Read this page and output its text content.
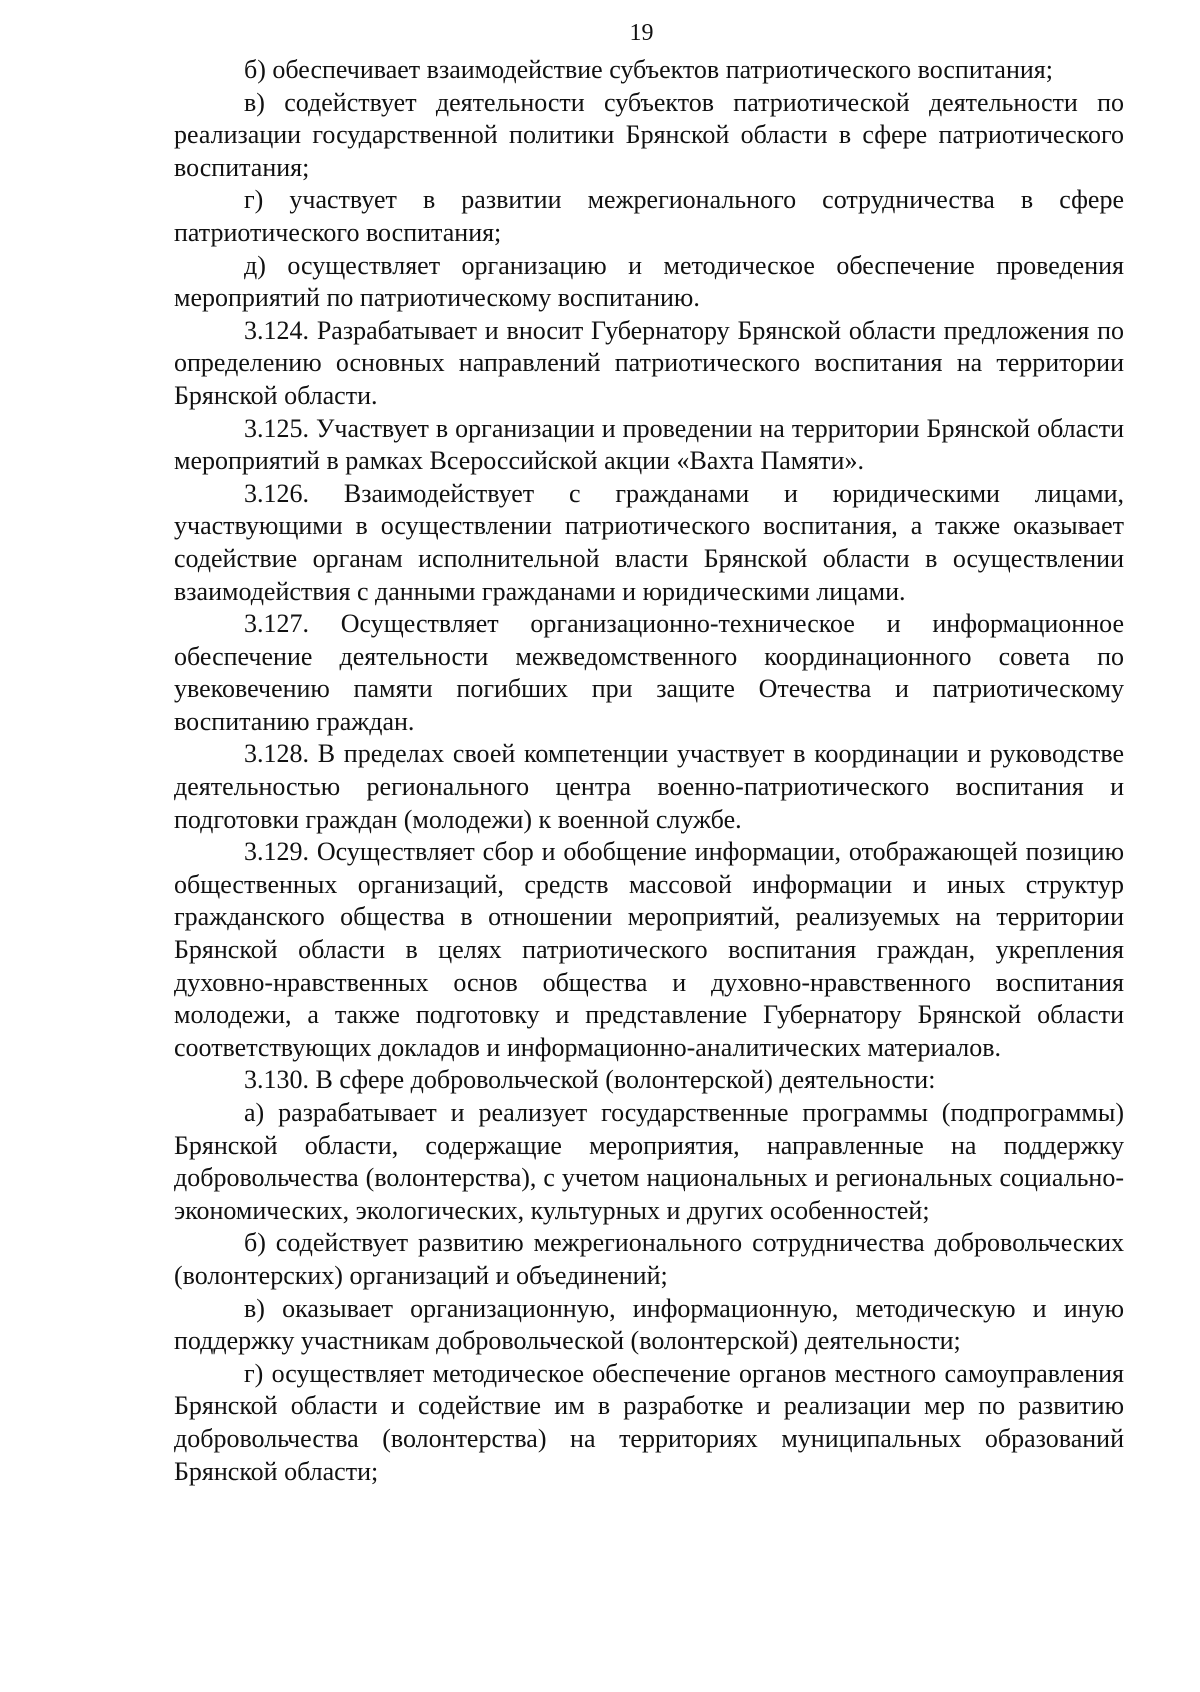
19

б) обеспечивает взаимодействие субъектов патриотического воспитания;

в) содействует деятельности субъектов патриотической деятельности по реализации государственной политики Брянской области в сфере патриотического воспитания;

г) участвует в развитии межрегионального сотрудничества в сфере патриотического воспитания;

д) осуществляет организацию и методическое обеспечение проведения мероприятий по патриотическому воспитанию.

3.124. Разрабатывает и вносит Губернатору Брянской области предложения по определению основных направлений патриотического воспитания на территории Брянской области.

3.125. Участвует в организации и проведении на территории Брянской области мероприятий в рамках Всероссийской акции «Вахта Памяти».

3.126. Взаимодействует с гражданами и юридическими лицами, участвующими в осуществлении патриотического воспитания, а также оказывает содействие органам исполнительной власти Брянской области в осуществлении взаимодействия с данными гражданами и юридическими лицами.

3.127. Осуществляет организационно-техническое и информационное обеспечение деятельности межведомственного координационного совета по увековечению памяти погибших при защите Отечества и патриотическому воспитанию граждан.

3.128. В пределах своей компетенции участвует в координации и руководстве деятельностью регионального центра военно-патриотического воспитания и подготовки граждан (молодежи) к военной службе.

3.129. Осуществляет сбор и обобщение информации, отображающей позицию общественных организаций, средств массовой информации и иных структур гражданского общества в отношении мероприятий, реализуемых на территории Брянской области в целях патриотического воспитания граждан, укрепления духовно-нравственных основ общества и духовно-нравственного воспитания молодежи, а также подготовку и представление Губернатору Брянской области соответствующих докладов и информационно-аналитических материалов.

3.130. В сфере добровольческой (волонтерской) деятельности:

а) разрабатывает и реализует государственные программы (подпрограммы) Брянской области, содержащие мероприятия, направленные на поддержку добровольчества (волонтерства), с учетом национальных и региональных социально-экономических, экологических, культурных и других особенностей;

б) содействует развитию межрегионального сотрудничества добровольческих (волонтерских) организаций и объединений;

в) оказывает организационную, информационную, методическую и иную поддержку участникам добровольческой (волонтерской) деятельности;

г) осуществляет методическое обеспечение органов местного самоуправления Брянской области и содействие им в разработке и реализации мер по развитию добровольчества (волонтерства) на территориях муниципальных образований Брянской области;
